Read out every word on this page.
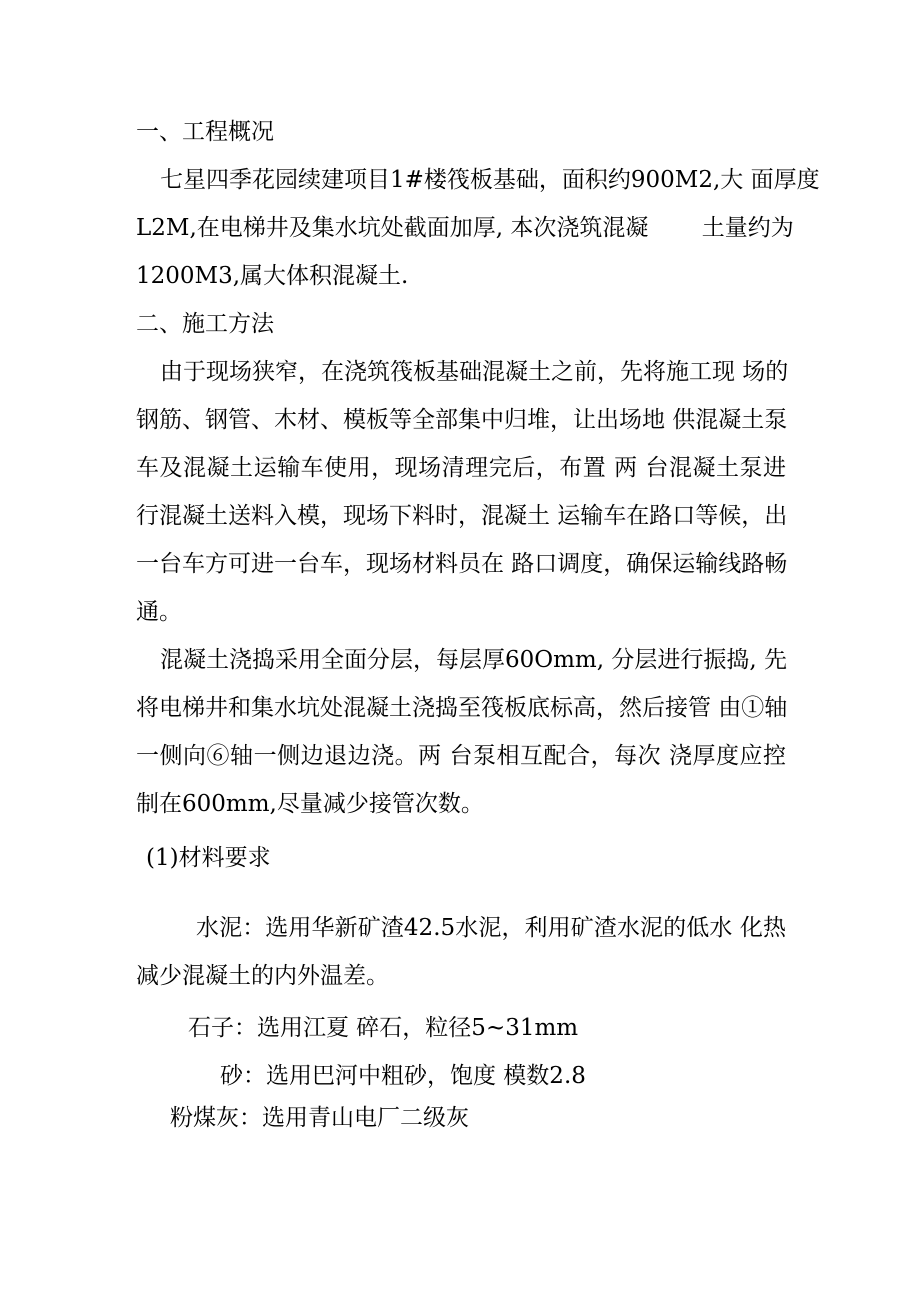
一、工程概况
七星四季花园续建项目1#楼筏板基础，面积约900M2,大 面厚度
L2M,在电梯井及集水坑处截面加厚, 本次浇筑混凝　　 土量约为
1200M3,属大体积混凝土.
二、施工方法
由于现场狭窄，在浇筑筏板基础混凝土之前，先将施工现 场的
钢筋、钢管、木材、模板等全部集中归堆，让出场地 供混凝土泵
车及混凝土运输车使用，现场清理完后，布置 两 台混凝土泵进
行混凝土送料入模，现场下料时，混凝土 运输车在路口等候，出
一台车方可进一台车，现场材料员在 路口调度，确保运输线路畅
通。
混凝土浇捣采用全面分层，每层厚60Omm, 分层进行振捣, 先
将电梯井和集水坑处混凝土浇捣至筏板底标高，然后接管 由①轴
一侧向⑥轴一侧边退边浇。两 台泵相互配合，每次 浇厚度应控
制在600mm,尽量减少接管次数。
(1)材料要求
水泥：选用华新矿渣42.5水泥，利用矿渣水泥的低水 化热
减少混凝土的内外温差。
石子：选用江夏 碎石，粒径5~31mm
砂：选用巴河中粗砂，饱度 模数2.8
粉煤灰：选用青山电厂二级灰
